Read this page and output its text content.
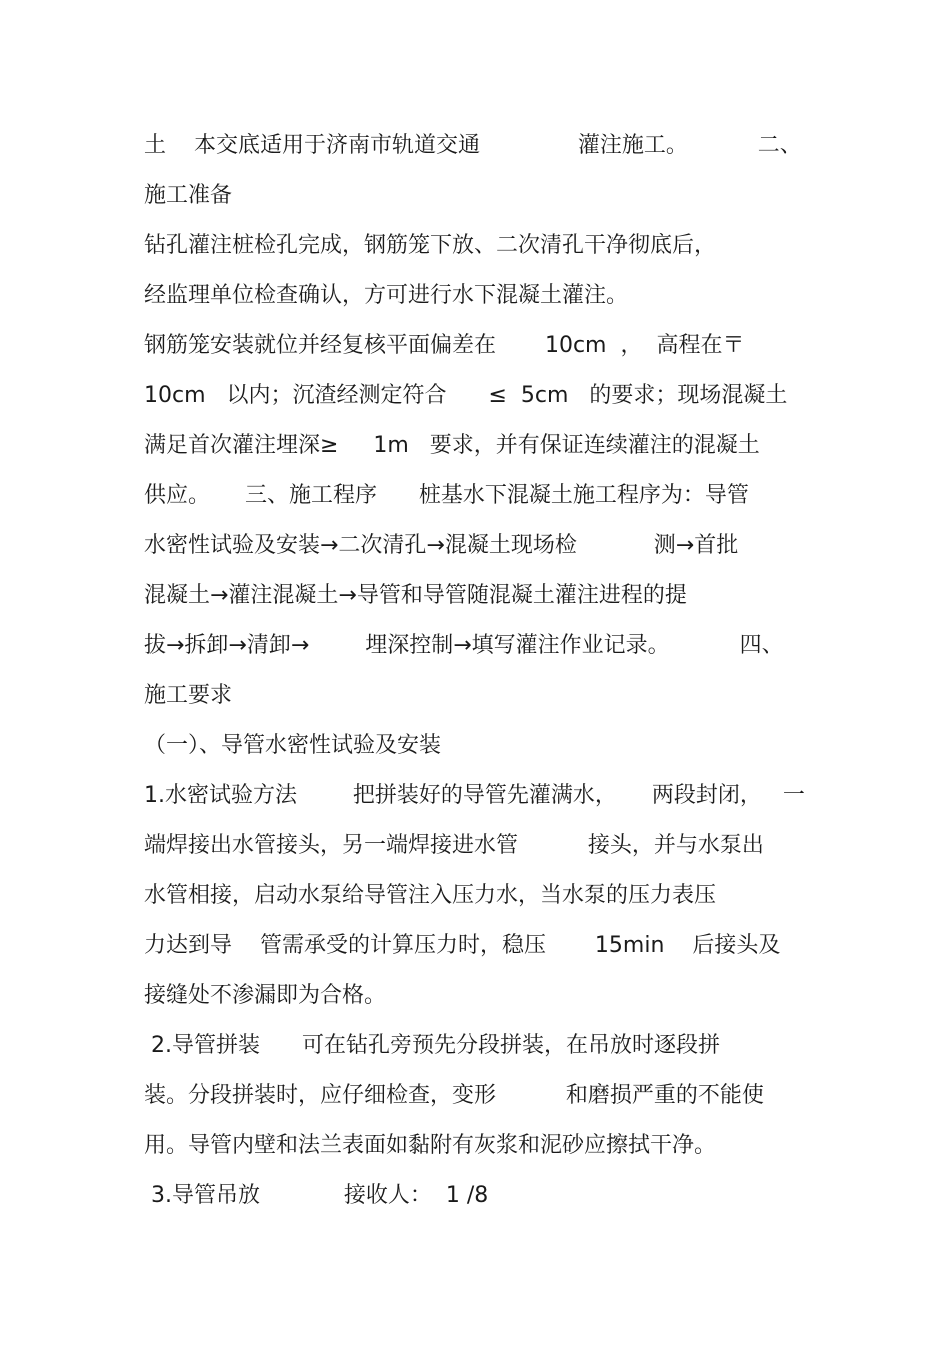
土    本交底适用于济南市轨道交通              灌注施工。          二、
施工准备
钻孔灌注桩检孔完成，钢筋笼下放、二次清孔干净彻底后，
经监理单位检查确认，方可进行水下混凝土灌注。
钢筋笼安装就位并经复核平面偏差在       10cm  ，  高程在〒
10cm   以内；沉渣经测定符合      ≤  5cm   的要求；现场混凝土
满足首次灌注埋深≥     1m   要求，并有保证连续灌注的混凝土
供应。     三、施工程序      桩基水下混凝土施工程序为：导管
水密性试验及安装→二次清孔→混凝土现场检           测→首批
混凝土→灌注混凝土→导管和导管随混凝土灌注进程的提
拔→拆卸→清卸→        埋深控制→填写灌注作业记录。          四、
施工要求
（一）、导管水密性试验及安装
1.水密试验方法        把拼装好的导管先灌满水，     两段封闭，   一
端焊接出水管接头，另一端焊接进水管          接头，并与水泵出
水管相接，启动水泵给导管注入压力水，当水泵的压力表压
力达到导    管需承受的计算压力时，稳压       15min    后接头及
接缝处不渗漏即为合格。
2.导管拼装      可在钻孔旁预先分段拼装，在吊放时逐段拼
装。分段拼装时，应仔细检查，变形          和磨损严重的不能使
用。导管内壁和法兰表面如黏附有灰浆和泥砂应擦拭干净。
3.导管吊放            接收人：  1 /8
